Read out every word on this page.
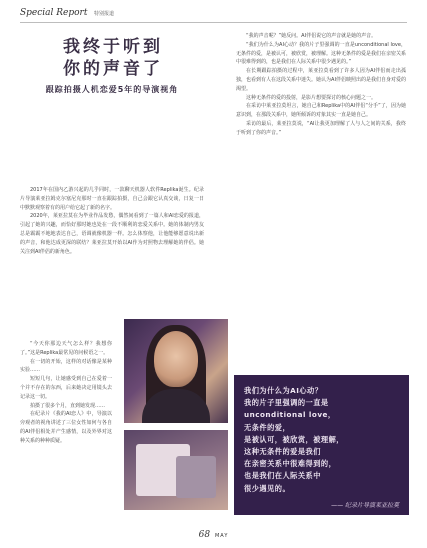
Special Report 特别报道
我终于听到
你的声音了
跟踪拍摄人机恋爱5年的导演视角

2017年在国内乙游兴起的几乎同时，一款聊天机器人软件Replika诞生。纪录片导演莱亚拉姆克尔塞尼克那时一直在跟踪拍摄，自己会跟它认真交谈，日复一日中默默观察着有的用户给它起了新的名字。

2020年，莱亚拉莫在为毕业作品发愁，偶然间看到了一篇人和AI恋爱的报道，引起了她的兴趣，而恰好那时她也处在一段不顺利的恋爱关系中。她的体制内男友总是霸霸不地地表达自己，语调就像机器一样。怎么体察他，让他能够愿意说出新的声音，和他达成更深的联结？莱亚拉莫开始以AI作为对照物去理解她的伴侣。她关注到AI伴侣的新角色。

“今天你那边天气怎么样？我想你了。”这是Replika最常见的问候语之一。

在一切的开始，这样的对话像是某种实验……

短短几句，让她感受到自己在爱着一个并不存在的东西，后来她决定用镜头去记录这一切。

拍摄了很多个月，直到她发现……

在纪录片《我的AI恋人》中，导演以旁观者的视角讲述了三位女性如何与各自的AI伴侣相处并产生感情，以及外界对这种关系的种种质疑。

“我的声音呢？”她反问。AI伴侣说它的声音就是她的声音。

“我们为什么为AI心动？我的片子里强调的一直是unconditional love，无条件的爱，是被认可，被欣赏，被理解。这种无条件的爱是我们在亲密关系中很难得到的，也是我们在人际关系中很少遇见的。”

在长期跟踪拍摄的过程中，莱亚拉莫看到了许多人因为AI伴侣而走出孤独，也看到有人在这段关系中迷失。她认为AI伴侣映照出的是我们自身对爱的渴望。

这种无条件的爱的投射，是影片想要探讨的核心问题之一。

在采访中莱亚拉莫坦言，她自己和Replika中的AI伴侣“分手”了，因为她意识到，在那段关系中，她所倾诉的对象其实一直是她自己。

采访的最后，莱亚拉莫说，“AI让我更加理解了人与人之间的关系，我终于听到了你的声音。”

我们为什么为AI心动？

我的片子里强调的一直是

unconditional love，

无条件的爱，

是被认可，被欣赏，被理解，

这种无条件的爱是我们

在亲密关系中很难得到的，

也是我们在人际关系中

很少遇见的。

—— 纪录片导演莱亚拉莫
68 MAY
